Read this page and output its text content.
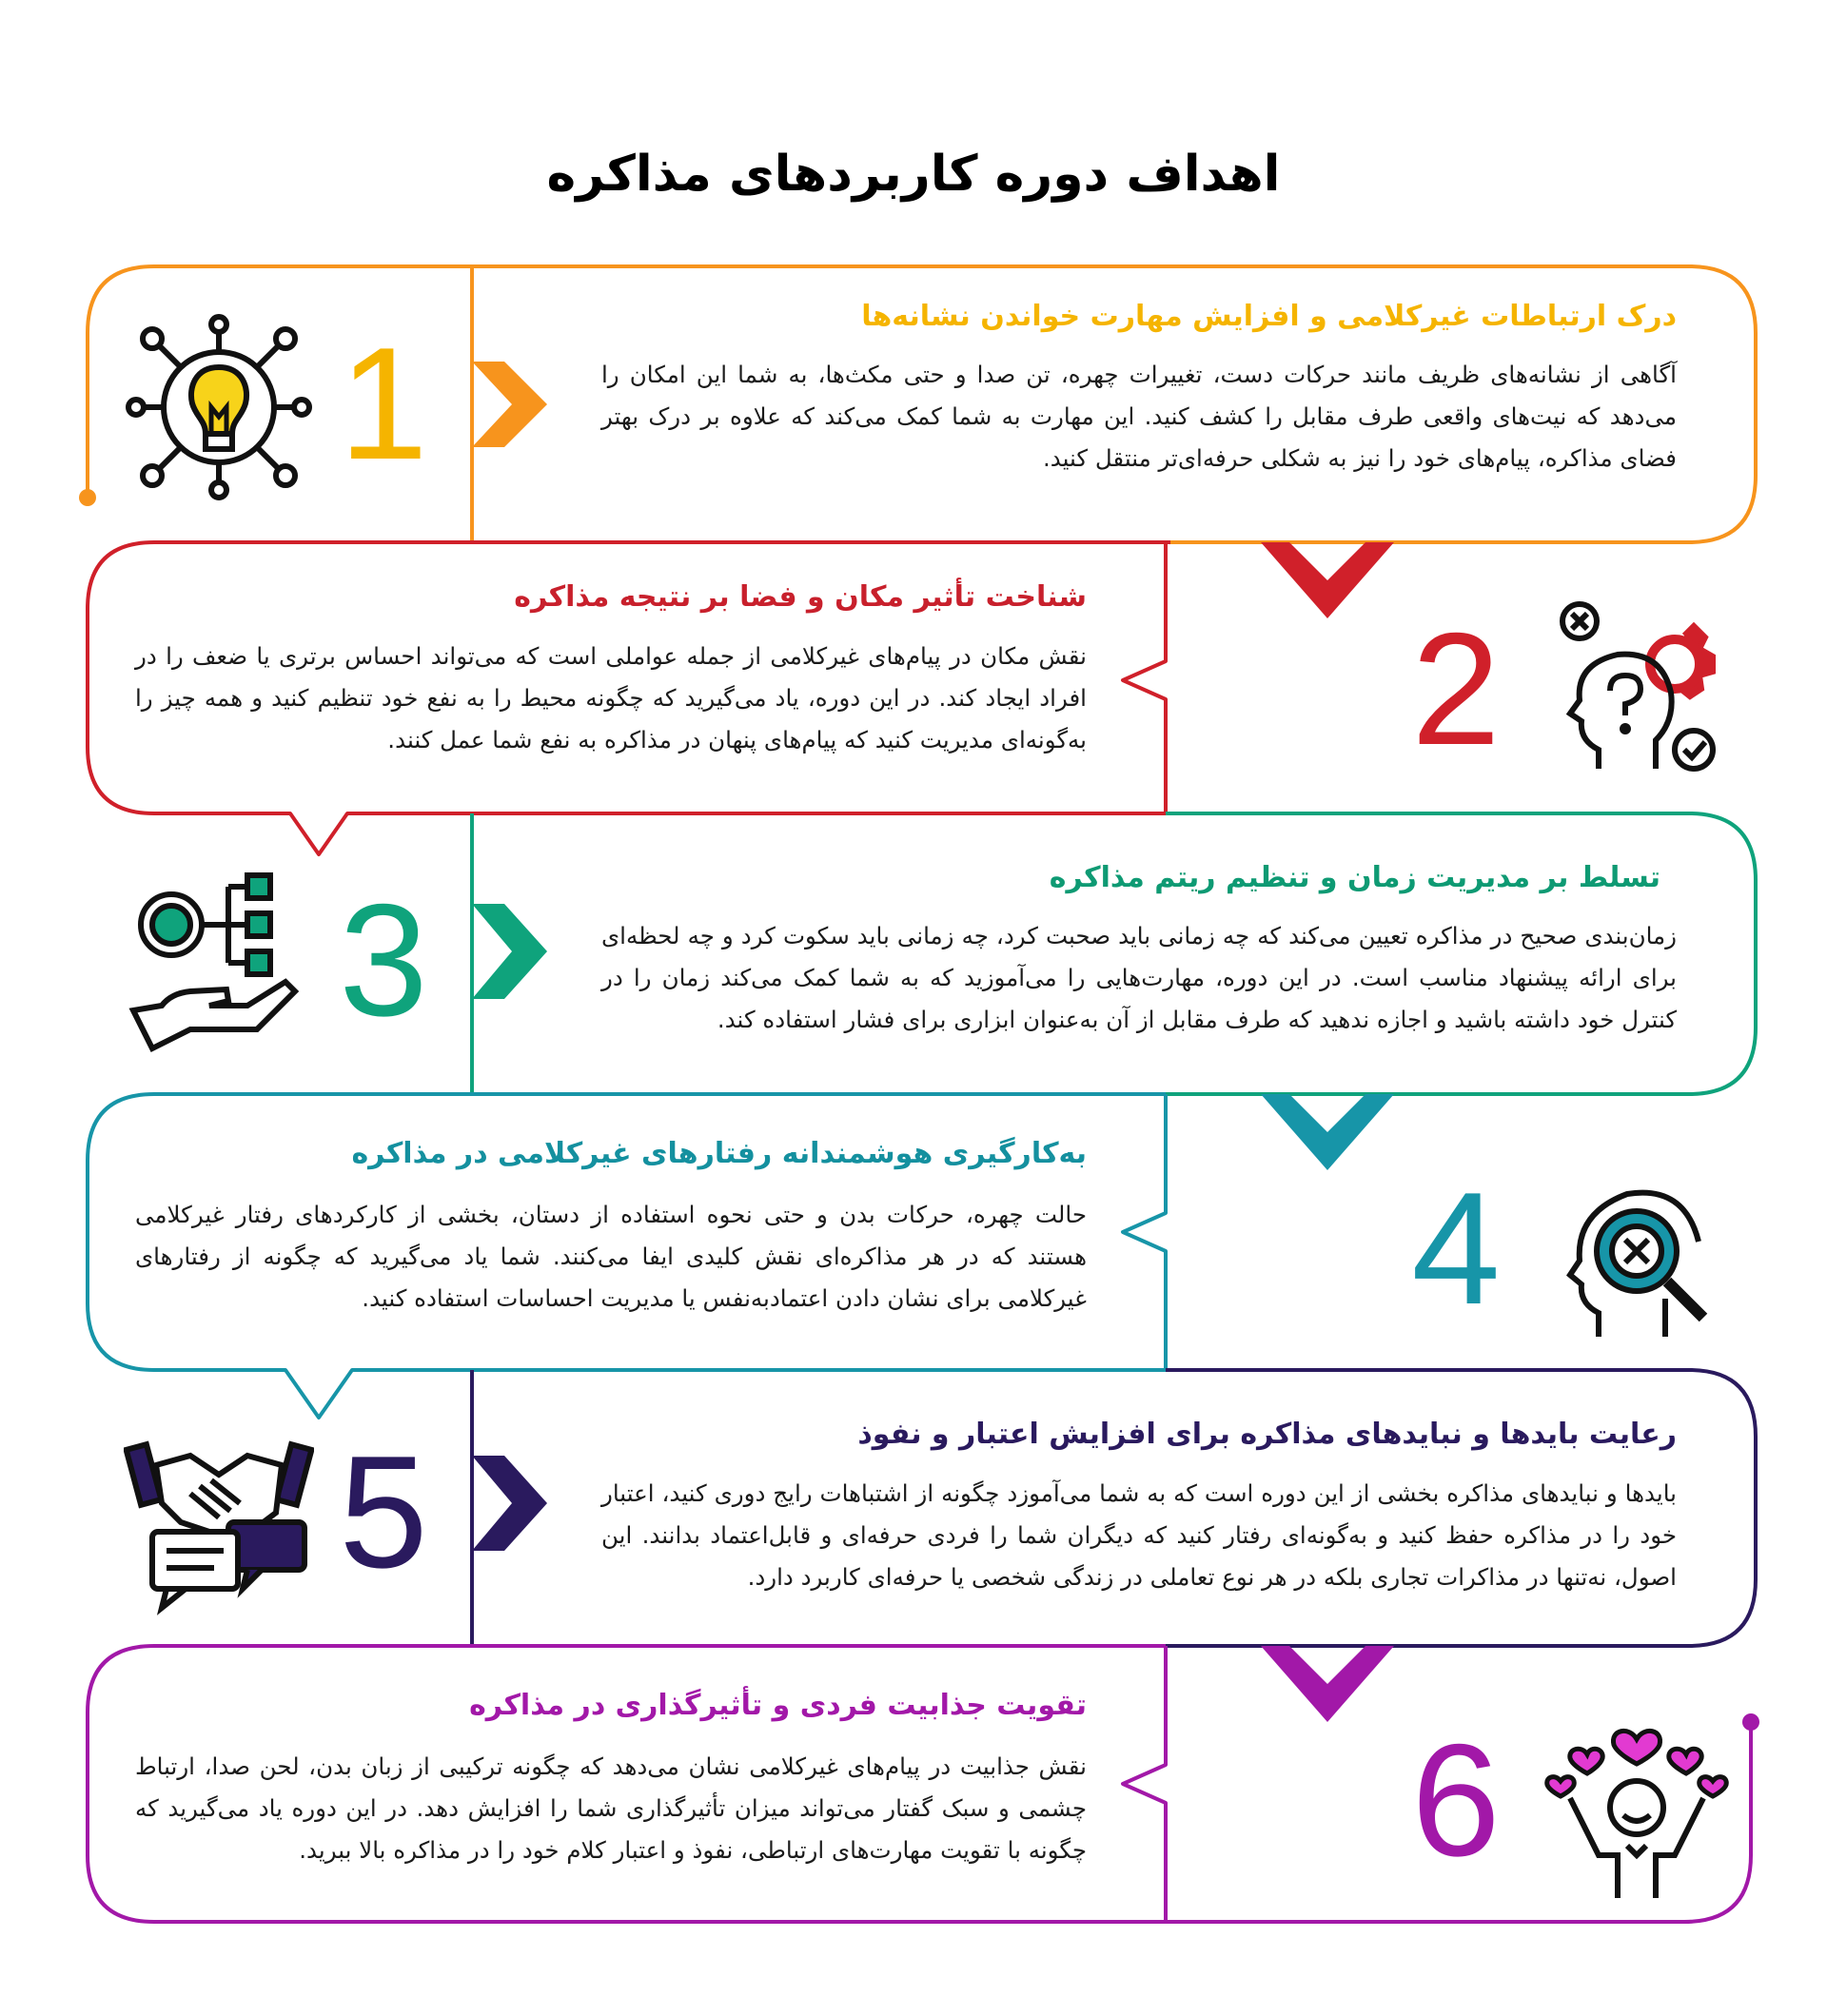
اهداف دوره کاربردهای مذاکره
درک ارتباطات غیرکلامی و افزایش مهارت خواندن نشانه‌ها
آگاهی از نشانه‌های ظریف مانند حرکات دست، تغییرات چهره، تن صدا و حتی مکث‌ها، به شما این امکان را می‌دهد که نیت‌های واقعی طرف مقابل را کشف کنید. این مهارت به شما کمک می‌کند که علاوه بر درک بهتر فضای مذاکره، پیام‌های خود را نیز به شکلی حرفه‌ای‌تر منتقل کنید.
1
شناخت تأثیر مکان و فضا بر نتیجه مذاکره
نقش مکان در پیام‌های غیرکلامی از جمله عواملی است که می‌تواند احساس برتری یا ضعف را در افراد ایجاد کند. در این دوره، یاد می‌گیرید که چگونه محیط را به نفع خود تنظیم کنید و همه چیز را به‌گونه‌ای مدیریت کنید که پیام‌های پنهان در مذاکره به نفع شما عمل کنند. 2
تسلط بر مدیریت زمان و تنظیم ریتم مذاکره
زمان‌بندی صحیح در مذاکره تعیین می‌کند که چه زمانی باید صحبت کرد، چه زمانی باید سکوت کرد و چه لحظه‌ای برای ارائه پیشنهاد مناسب است. در این دوره، مهارت‌هایی را می‌آموزید که به شما کمک می‌کند زمان را در کنترل خود داشته باشید و اجازه ندهید که طرف مقابل از آن به‌عنوان ابزاری برای فشار استفاده کند.
3
به‌کارگیری هوشمندانه رفتارهای غیرکلامی در مذاکره
حالت چهره، حرکات بدن و حتی نحوه استفاده از دستان، بخشی از کارکردهای رفتار غیرکلامی هستند که در هر مذاکره‌ای نقش کلیدی ایفا می‌کنند. شما یاد می‌گیرید که چگونه از رفتارهای غیرکلامی برای نشان دادن اعتمادبه‌نفس یا مدیریت احساسات استفاده کنید. 4
رعایت بایدها و نبایدهای مذاکره برای افزایش اعتبار و نفوذ
بایدها و نبایدهای مذاکره بخشی از این دوره است که به شما می‌آموزد چگونه از اشتباهات رایج دوری کنید، اعتبار خود را در مذاکره حفظ کنید و به‌گونه‌ای رفتار کنید که دیگران شما را فردی حرفه‌ای و قابل‌اعتماد بدانند. این اصول، نه‌تنها در مذاکرات تجاری بلکه در هر نوع تعاملی در زندگی شخصی یا حرفه‌ای کاربرد دارد.
5
تقویت جذابیت فردی و تأثیرگذاری در مذاکره
نقش جذابیت در پیام‌های غیرکلامی نشان می‌دهد که چگونه ترکیبی از زبان بدن، لحن صدا، ارتباط چشمی و سبک گفتار می‌تواند میزان تأثیرگذاری شما را افزایش دهد. در این دوره یاد می‌گیرید که چگونه با تقویت مهارت‌های ارتباطی، نفوذ و اعتبار کلام خود را در مذاکره بالا ببرید. 6
